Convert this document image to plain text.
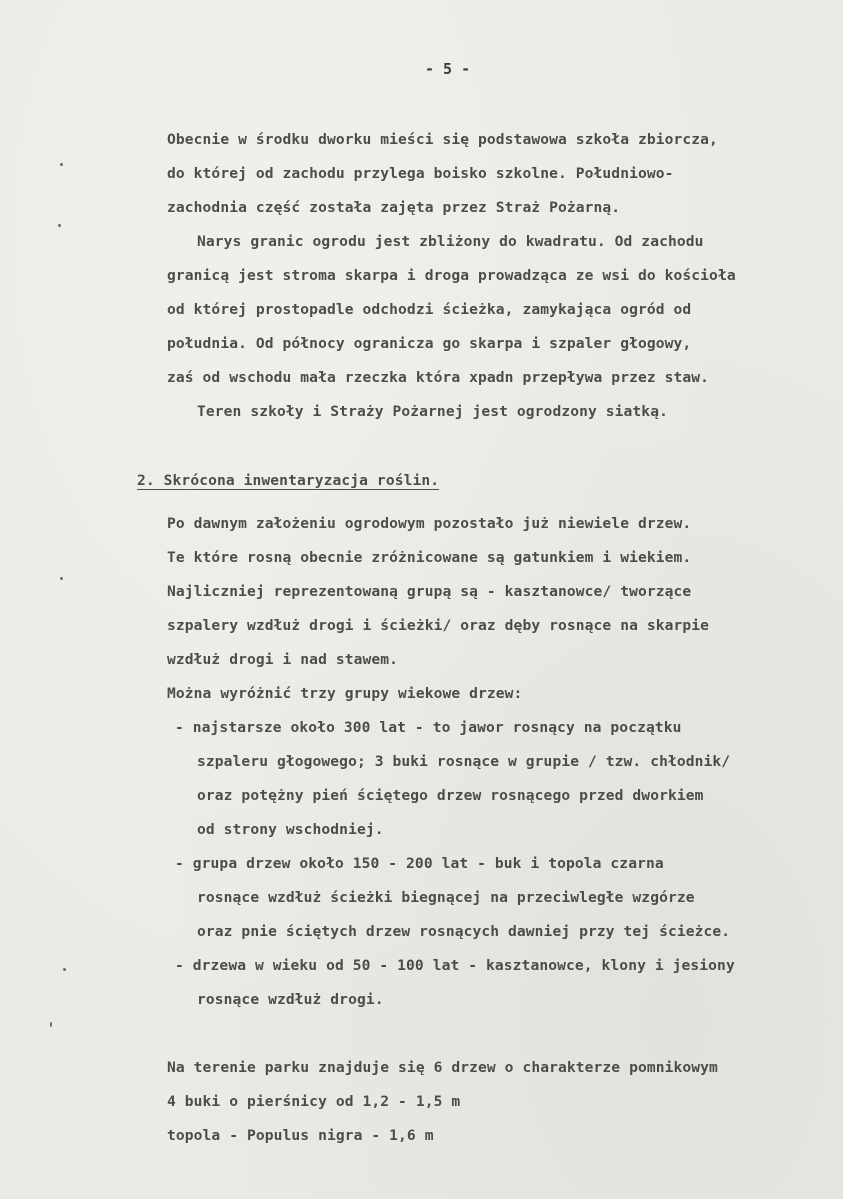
- 5 -
Obecnie w środku dworku mieści się podstawowa szkoła zbiorcza,
do której od zachodu przylega boisko szkolne. Południowo-
zachodnia część została zajęta przez Straż Pożarną.
Narys granic ogrodu jest zbliżony do kwadratu. Od zachodu
granicą jest stroma skarpa i droga prowadząca ze wsi do kościoła
od której prostopadle odchodzi ścieżka, zamykająca ogród od
południa. Od północy ogranicza go skarpa i szpaler głogowy,
zaś od wschodu mała rzeczka która xpadn przepływa przez staw.
Teren szkoły i Straży Pożarnej jest ogrodzony siatką.
2. Skrócona inwentaryzacja roślin.
Po dawnym założeniu ogrodowym pozostało już niewiele drzew.
Te które rosną obecnie zróżnicowane są gatunkiem i wiekiem.
Najliczniej reprezentowaną grupą są - kasztanowce/ tworzące
szpalery wzdłuż drogi i ścieżki/ oraz dęby rosnące na skarpie
wzdłuż drogi i nad stawem.
Można wyróżnić trzy grupy wiekowe drzew:
- najstarsze około 300 lat - to jawor rosnący na początku
szpaleru głogowego; 3 buki rosnące w grupie / tzw. chłodnik/
oraz potężny pień ściętego drzew rosnącego przed dworkiem
od strony wschodniej.
- grupa drzew około 150 - 200 lat - buk i topola czarna
rosnące wzdłuż ścieżki biegnącej na przeciwległe wzgórze
oraz pnie ściętych drzew rosnących dawniej przy tej ścieżce.
- drzewa w wieku od 50 - 100 lat - kasztanowce, klony i jesiony
rosnące wzdłuż drogi.
Na terenie parku znajduje się 6 drzew o charakterze pomnikowym
4 buki o pierśnicy od 1,2 - 1,5 m
topola - Populus nigra - 1,6 m
